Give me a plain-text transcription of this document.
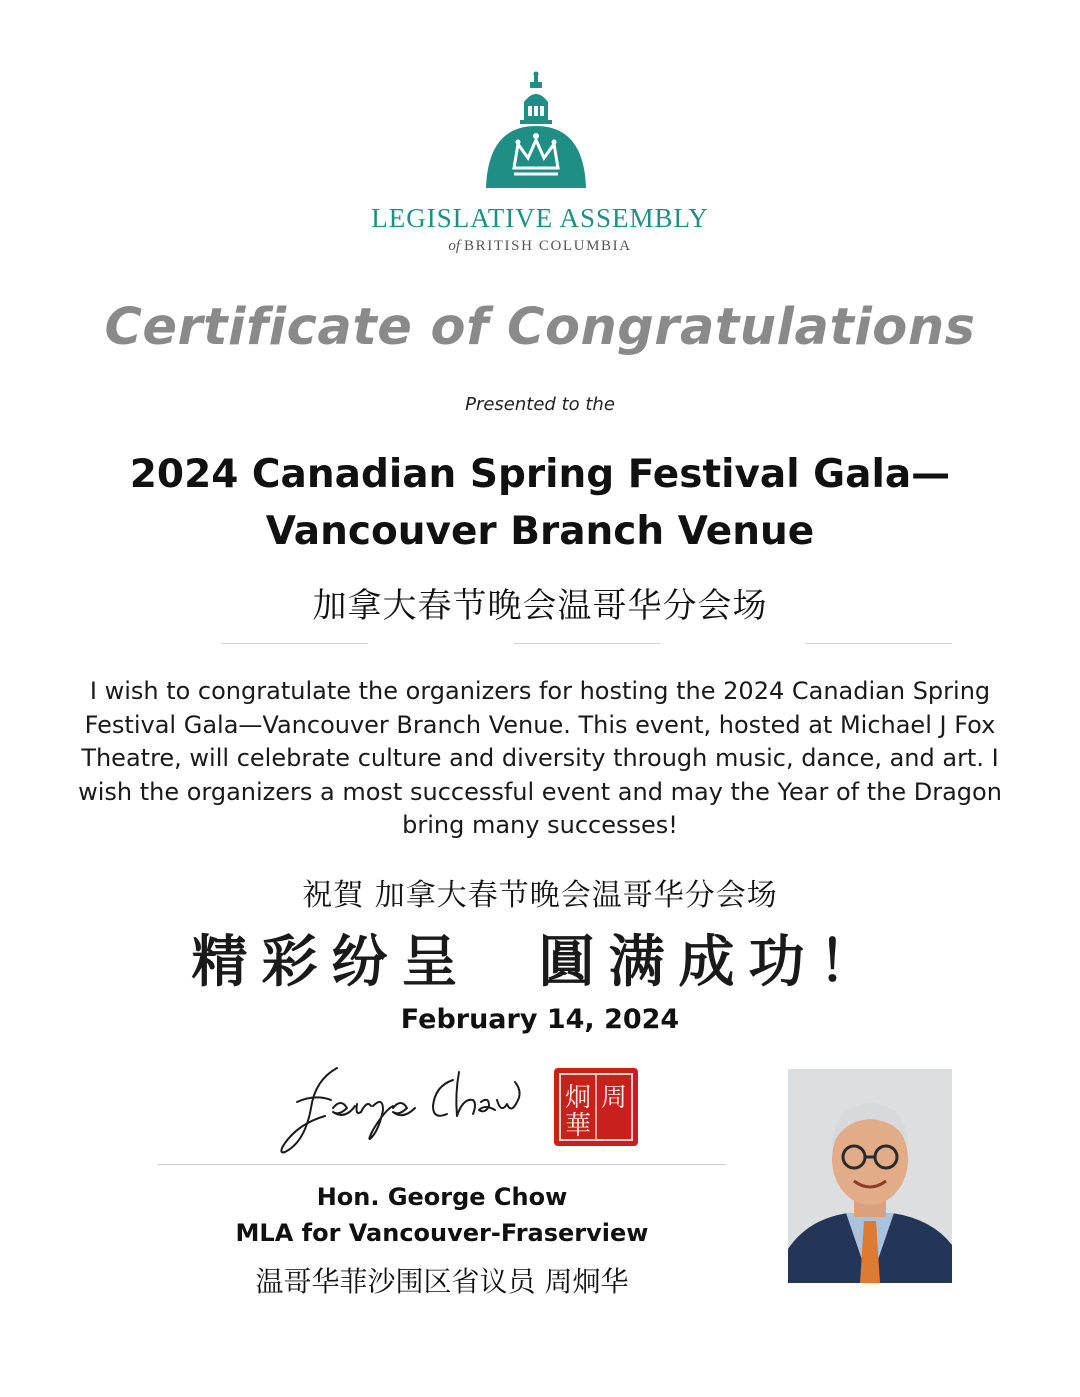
LEGISLATIVE ASSEMBLY
of BRITISH COLUMBIA
Certificate of Congratulations
Presented to the
2024 Canadian Spring Festival Gala—
Vancouver Branch Venue
加拿大春节晚会温哥华分会场
I wish to congratulate the organizers for hosting the 2024 Canadian Spring Festival Gala—Vancouver Branch Venue. This event, hosted at Michael J Fox Theatre, will celebrate culture and diversity through music, dance, and art. I wish the organizers a most successful event and may the Year of the Dragon bring many successes!
祝賀 加拿大春节晚会温哥华分会场
精彩纷呈  圓满成功！
February 14, 2024
周
炯
華
Hon. George Chow
MLA for Vancouver-Fraserview
温哥华菲沙围区省议员 周炯华
